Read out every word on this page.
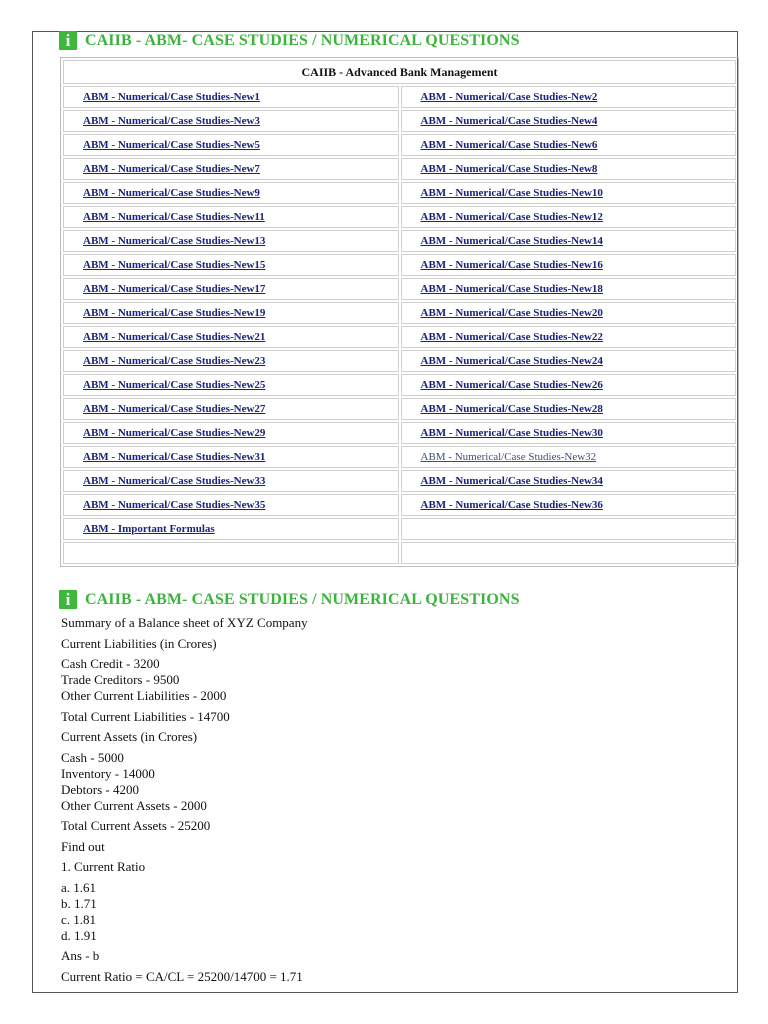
i CAIIB - ABM- CASE STUDIES / NUMERICAL QUESTIONS
CAIIB - Advanced Bank Management	
ABM - Numerical/Case Studies-New1	ABM - Numerical/Case Studies-New2
ABM - Numerical/Case Studies-New3	ABM - Numerical/Case Studies-New4
ABM - Numerical/Case Studies-New5	ABM - Numerical/Case Studies-New6
ABM - Numerical/Case Studies-New7	ABM - Numerical/Case Studies-New8
ABM - Numerical/Case Studies-New9	ABM - Numerical/Case Studies-New10
ABM - Numerical/Case Studies-New11	ABM - Numerical/Case Studies-New12
ABM - Numerical/Case Studies-New13	ABM - Numerical/Case Studies-New14
ABM - Numerical/Case Studies-New15	ABM - Numerical/Case Studies-New16
ABM - Numerical/Case Studies-New17	ABM - Numerical/Case Studies-New18
ABM - Numerical/Case Studies-New19	ABM - Numerical/Case Studies-New20
ABM - Numerical/Case Studies-New21	ABM - Numerical/Case Studies-New22
ABM - Numerical/Case Studies-New23	ABM - Numerical/Case Studies-New24
ABM - Numerical/Case Studies-New25	ABM - Numerical/Case Studies-New26
ABM - Numerical/Case Studies-New27	ABM - Numerical/Case Studies-New28
ABM - Numerical/Case Studies-New29	ABM - Numerical/Case Studies-New30
ABM - Numerical/Case Studies-New31	ABM - Numerical/Case Studies-New32
ABM - Numerical/Case Studies-New33	ABM - Numerical/Case Studies-New34
ABM - Numerical/Case Studies-New35	ABM - Numerical/Case Studies-New36
ABM - Important Formulas	

i CAIIB - ABM- CASE STUDIES / NUMERICAL QUESTIONS

Summary of a Balance sheet of XYZ Company

Current Liabilities (in Crores)

Cash Credit - 3200
Trade Creditors - 9500
Other Current Liabilities - 2000

Total Current Liabilities - 14700

Current Assets (in Crores)

Cash - 5000
Inventory - 14000
Debtors - 4200
Other Current Assets - 2000

Total Current Assets - 25200

Find out

1. Current Ratio

a. 1.61
b. 1.71
c. 1.81
d. 1.91

Ans - b

Current Ratio = CA/CL = 25200/14700 = 1.71
